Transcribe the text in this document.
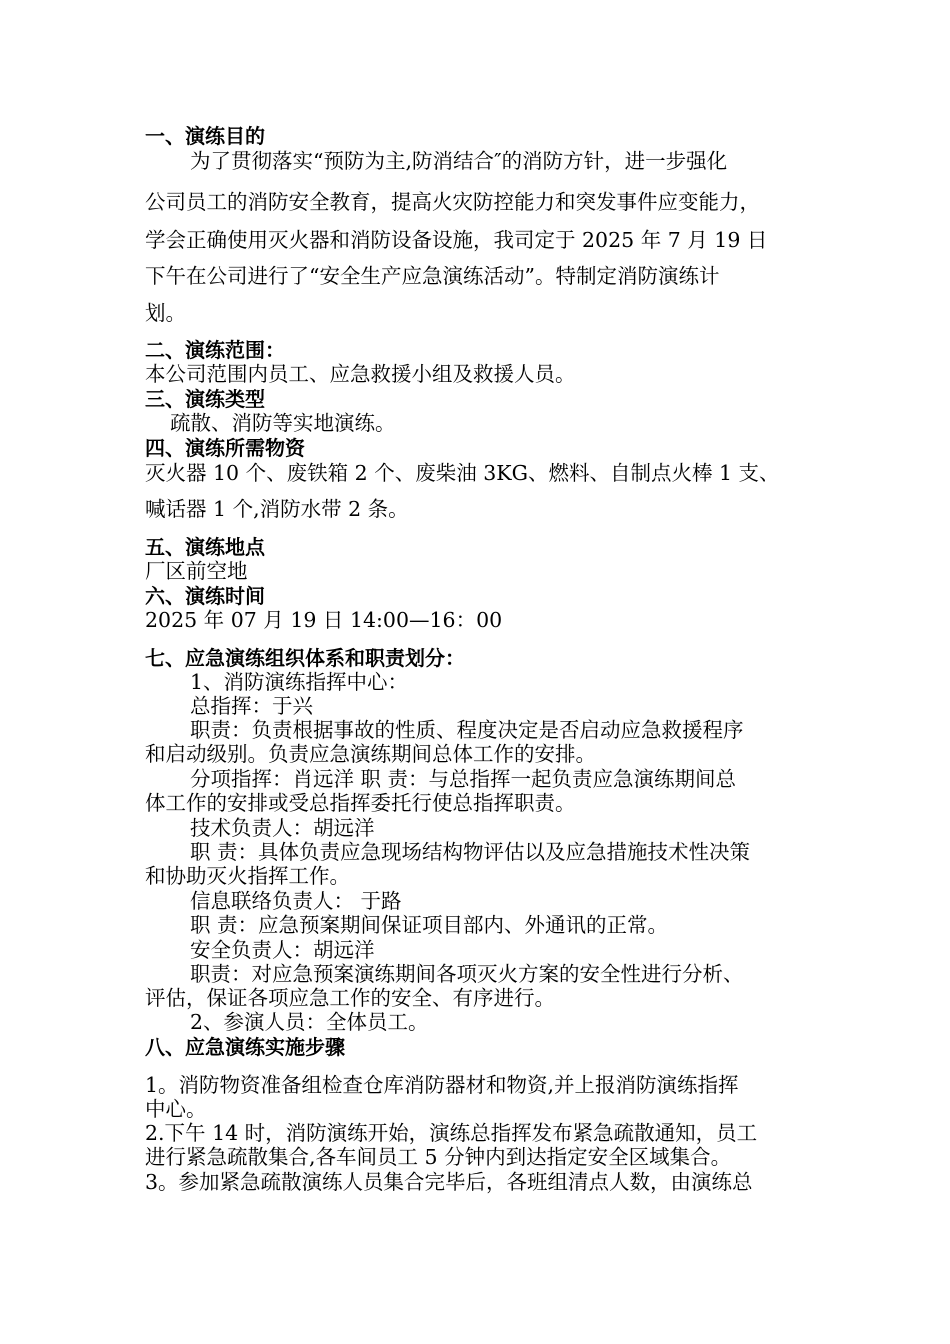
一、演练目的
为了贯彻落实“预防为主,防消结合″的消防方针，进一步强化
公司员工的消防安全教育，提高火灾防控能力和突发事件应变能力，
学会正确使用灭火器和消防设备设施，我司定于 2025 年 7 月 19 日
下午在公司进行了“安全生产应急演练活动”。特制定消防演练计
划。
二、演练范围：
本公司范围内员工、应急救援小组及救援人员。
三、演练类型
疏散、消防等实地演练。
四、演练所需物资
灭火器 10 个、废铁箱 2 个、废柴油 3KG、燃料、自制点火棒 1 支、
喊话器 1 个,消防水带 2 条。
五、演练地点
厂区前空地
六、演练时间
2025 年 07 月 19 日 14:00—16：00
七、应急演练组织体系和职责划分：
1、消防演练指挥中心：
总指挥：于兴
职责：负责根据事故的性质、程度决定是否启动应急救援程序
和启动级别。负责应急演练期间总体工作的安排。
分项指挥：肖远洋 职 责：与总指挥一起负责应急演练期间总
体工作的安排或受总指挥委托行使总指挥职责。
技术负责人：胡远洋
职 责：具体负责应急现场结构物评估以及应急措施技术性决策
和协助灭火指挥工作。
信息联络负责人： 于路
职 责：应急预案期间保证项目部内、外通讯的正常。
安全负责人：胡远洋
职责：对应急预案演练期间各项灭火方案的安全性进行分析、
评估，保证各项应急工作的安全、有序进行。
2、参演人员：全体员工。
八、应急演练实施步骤
1。消防物资准备组检查仓库消防器材和物资,并上报消防演练指挥
中心。
2.下午 14 时，消防演练开始，演练总指挥发布紧急疏散通知，员工
进行紧急疏散集合,各车间员工 5 分钟内到达指定安全区域集合。
3。参加紧急疏散演练人员集合完毕后，各班组清点人数，由演练总
